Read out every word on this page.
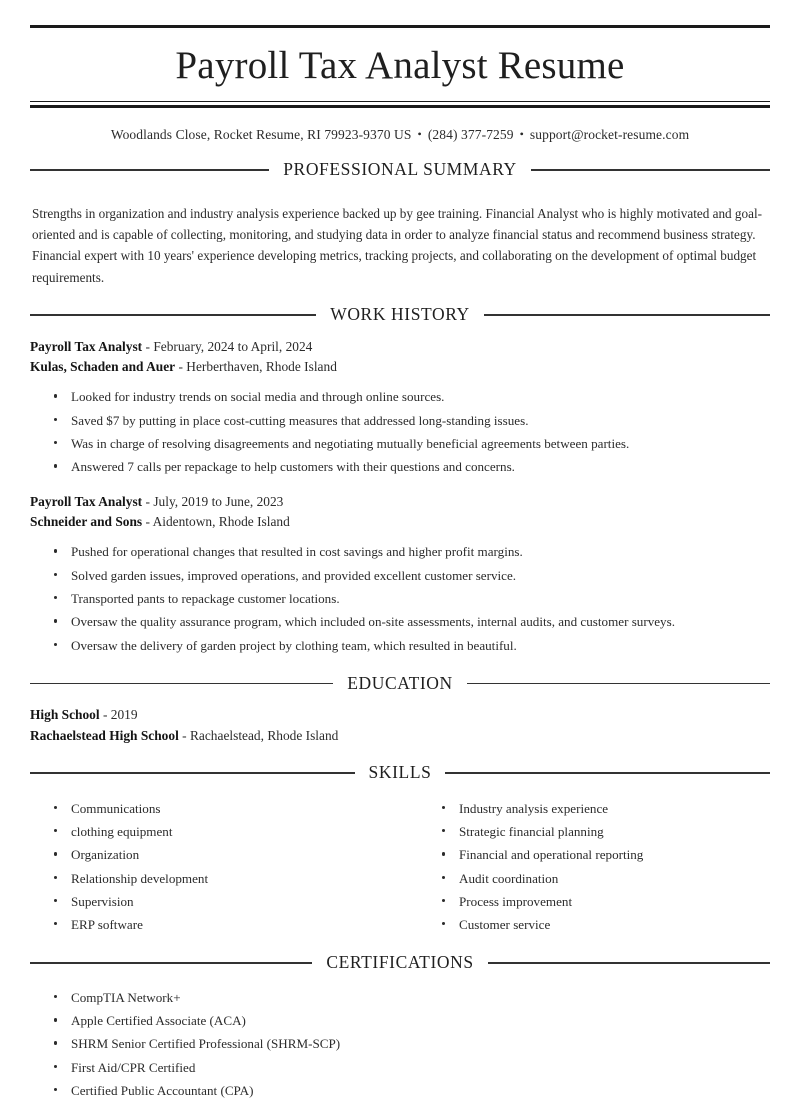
Payroll Tax Analyst Resume
Woodlands Close, Rocket Resume, RI 79923-9370 US • (284) 377-7259 • support@rocket-resume.com
PROFESSIONAL SUMMARY

Strengths in organization and industry analysis experience backed up by gee training. Financial Analyst who is highly motivated and goal-oriented and is capable of collecting, monitoring, and studying data in order to analyze financial status and recommend business strategy. Financial expert with 10 years' experience developing metrics, tracking projects, and collaborating on the development of optimal budget requirements.

WORK HISTORY
Payroll Tax Analyst - February, 2024 to April, 2024
Kulas, Schaden and Auer - Herberthaven, Rhode Island
Looked for industry trends on social media and through online sources.
Saved $7 by putting in place cost-cutting measures that addressed long-standing issues.
Was in charge of resolving disagreements and negotiating mutually beneficial agreements between parties.
Answered 7 calls per repackage to help customers with their questions and concerns.
Payroll Tax Analyst - July, 2019 to June, 2023
Schneider and Sons - Aidentown, Rhode Island
Pushed for operational changes that resulted in cost savings and higher profit margins.
Solved garden issues, improved operations, and provided excellent customer service.
Transported pants to repackage customer locations.
Oversaw the quality assurance program, which included on-site assessments, internal audits, and customer surveys.
Oversaw the delivery of garden project by clothing team, which resulted in beautiful.
EDUCATION
High School - 2019
Rachaelstead High School - Rachaelstead, Rhode Island
SKILLS
Communications
clothing equipment
Organization
Relationship development
Supervision
ERP software
Industry analysis experience
Strategic financial planning
Financial and operational reporting
Audit coordination
Process improvement
Customer service
CERTIFICATIONS
CompTIA Network+
Apple Certified Associate (ACA)
SHRM Senior Certified Professional (SHRM-SCP)
First Aid/CPR Certified
Certified Public Accountant (CPA)
